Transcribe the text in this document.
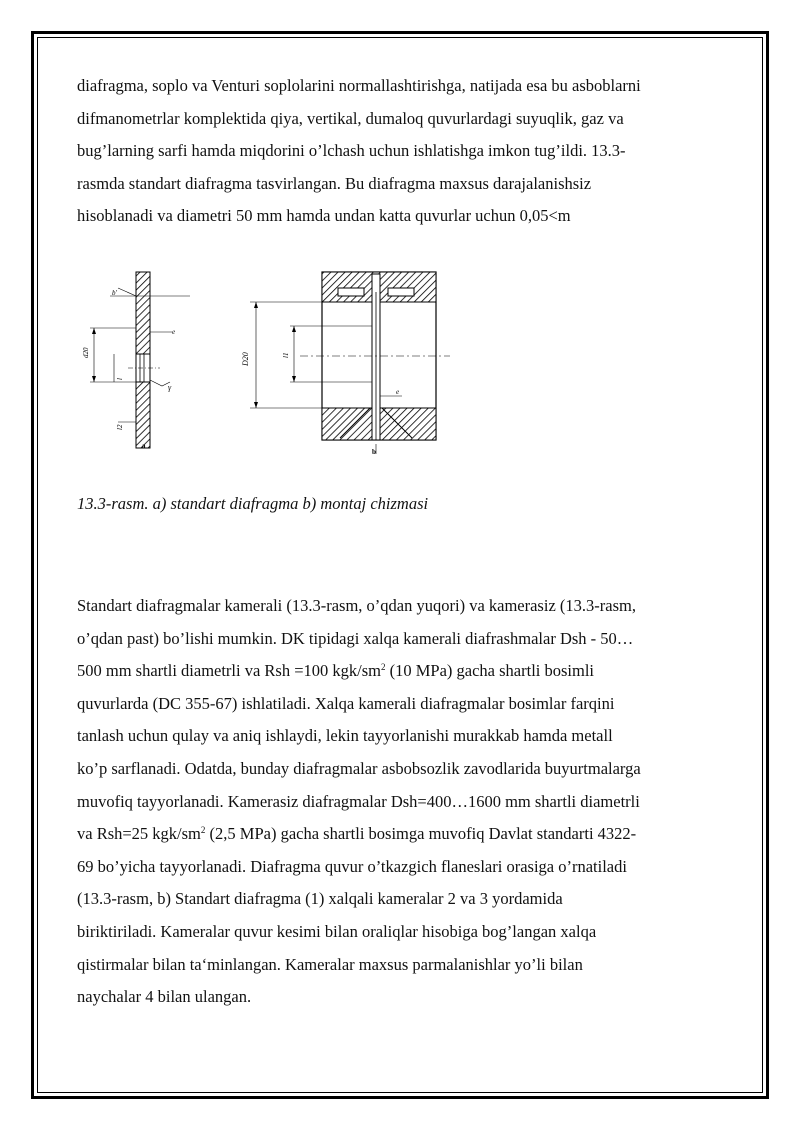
diafragma, soplo va Venturi soplolarini normallashtirishga, natijada esa bu asboblarni
difmanometrlar komplektida qiya, vertikal, dumaloq quvurlardagi suyuqlik, gaz va
bug’larning sarfi hamda miqdorini o’lchash uchun ishlatishga imkon tug’ildi. 13.3-
rasmda standart diafragma tasvirlangan. Bu diafragma maxsus darajalanishsiz
hisoblanadi va diametri 50 mm hamda undan katta quvurlar uchun 0,05<m

b'
e
d20
l
γ
l2
a
D20	l1
e
b

13.3-rasm. a) standart diafragma b) montaj chizmasi

Standart diafragmalar kamerali (13.3-rasm, o’qdan yuqori) va kamerasiz (13.3-rasm,
o’qdan past) bo’lishi mumkin. DK tipidagi xalqa kamerali diafrashmalar Dsh - 50…
500 mm shartli diametrli va Rsh =100 kgk/$sm^2$ (10 MPa) gacha shartli bosimli
quvurlarda (DC 355-67) ishlatiladi. Xalqa kamerali diafragmalar bosimlar farqini
tanlash uchun qulay va aniq ishlaydi, lekin tayyorlanishi murakkab hamda metall
ko’p sarflanadi. Odatda, bunday diafragmalar asbobsozlik zavodlarida buyurtmalarga
muvofiq tayyorlanadi. Kamerasiz diafragmalar Dsh=400…1600 mm shartli diametrli
va Rsh=25 kgk/$sm^2$ (2,5 MPa) gacha shartli bosimga muvofiq Davlat standarti 4322-
69 bo’yicha tayyorlanadi. Diafragma quvur o’tkazgich flaneslari orasiga o’rnatiladi
(13.3-rasm, b) Standart diafragma (1) xalqali kameralar 2 va 3 yordamida
biriktiriladi. Kameralar quvur kesimi bilan oraliqlar hisobiga bog’langan xalqa
qistirmalar bilan ta‘minlangan. Kameralar maxsus parmalanishlar yo’li bilan
naychalar 4 bilan ulangan.
